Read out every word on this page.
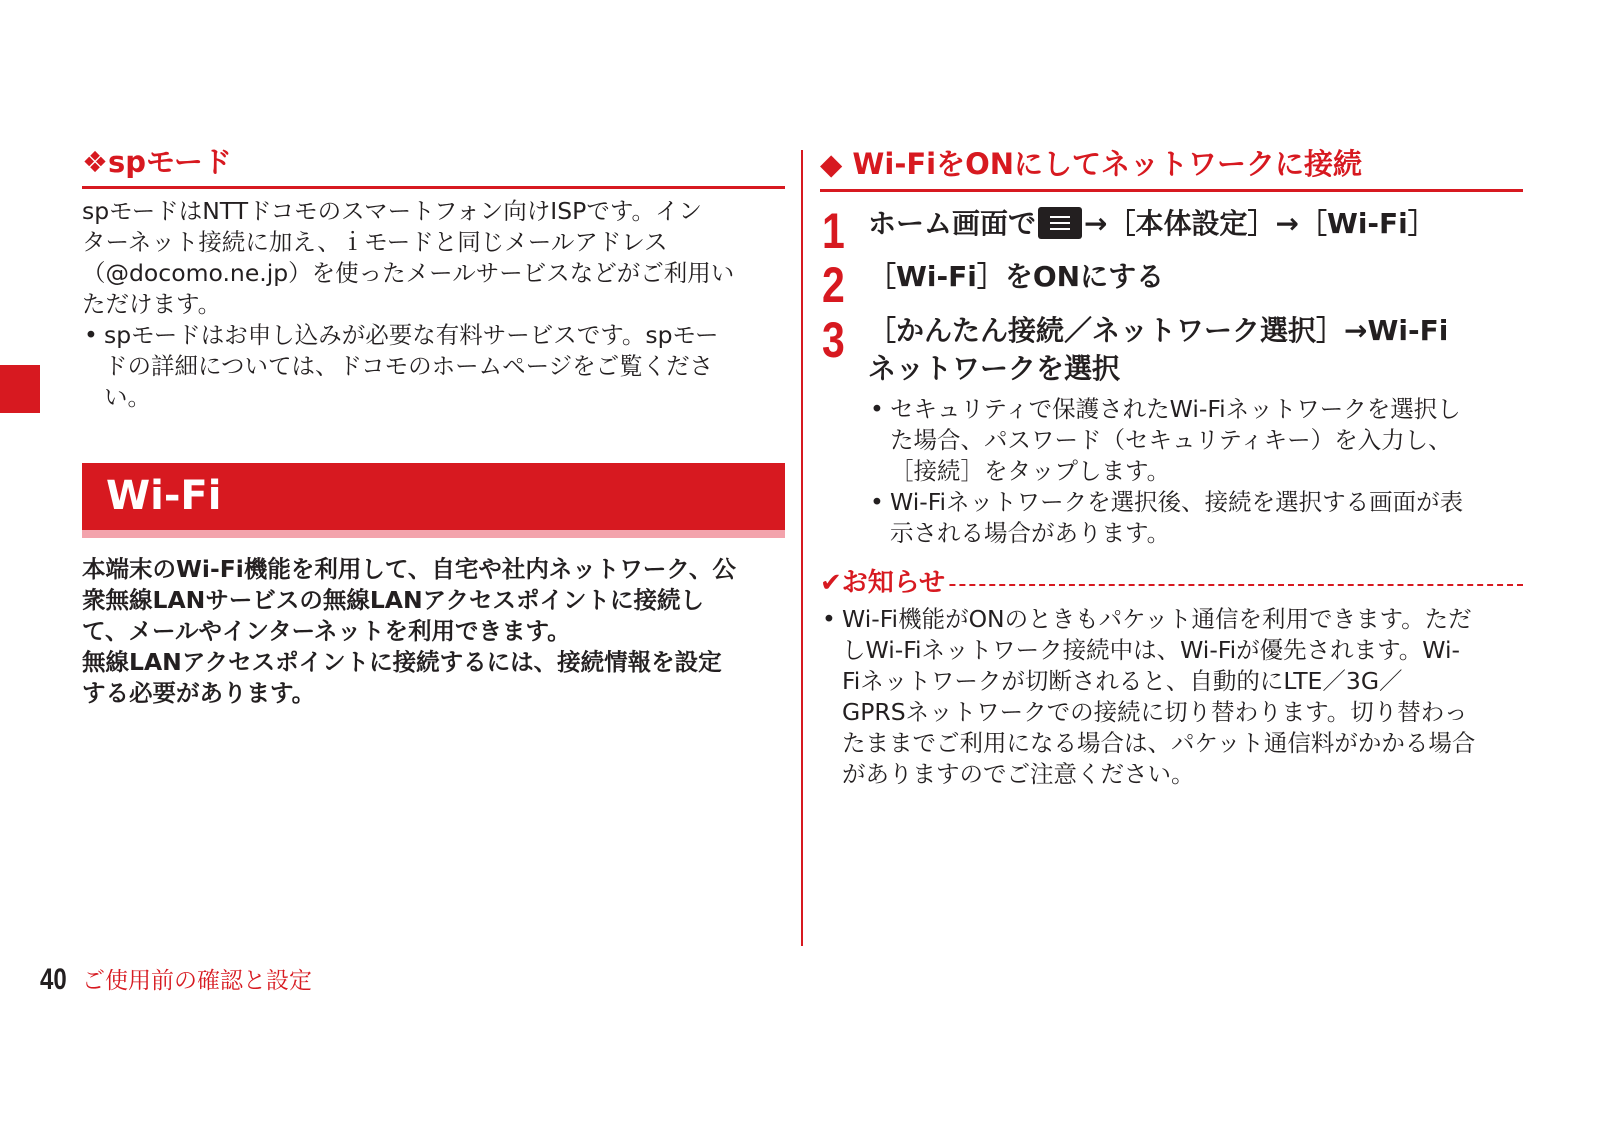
❖spモード
spモードはNTTドコモのスマートフォン向けISPです。イン
ターネット接続に加え、ｉモードと同じメールアドレス
（@docomo.ne.jp）を使ったメールサービスなどがご利用い
ただけます。
• spモードはお申し込みが必要な有料サービスです。spモー
ドの詳細については、ドコモのホームページをご覧くださ
い。
Wi-Fi
本端末のWi-Fi機能を利用して、自宅や社内ネットワーク、公
衆無線LANサービスの無線LANアクセスポイントに接続し
て、メールやインターネットを利用できます。
無線LANアクセスポイントに接続するには、接続情報を設定
する必要があります。
◆ Wi-FiをONにしてネットワークに接続
1 ホーム画面で →［本体設定］→［Wi-Fi］
2 ［Wi-Fi］をONにする
3 ［かんたん接続／ネットワーク選択］→Wi-Fi
ネットワークを選択
• セキュリティで保護されたWi-Fiネットワークを選択し
た場合、パスワード（セキュリティキー）を入力し、
［接続］をタップします。
• Wi-Fiネットワークを選択後、接続を選択する画面が表
示される場合があります。
✔お知らせ
• Wi-Fi機能がONのときもパケット通信を利用できます。ただ
しWi-Fiネットワーク接続中は、Wi-Fiが優先されます。Wi-
Fiネットワークが切断されると、自動的にLTE／3G／
GPRSネットワークでの接続に切り替わります。切り替わっ
たままでご利用になる場合は、パケット通信料がかかる場合
がありますのでご注意ください。
40 ご使用前の確認と設定
